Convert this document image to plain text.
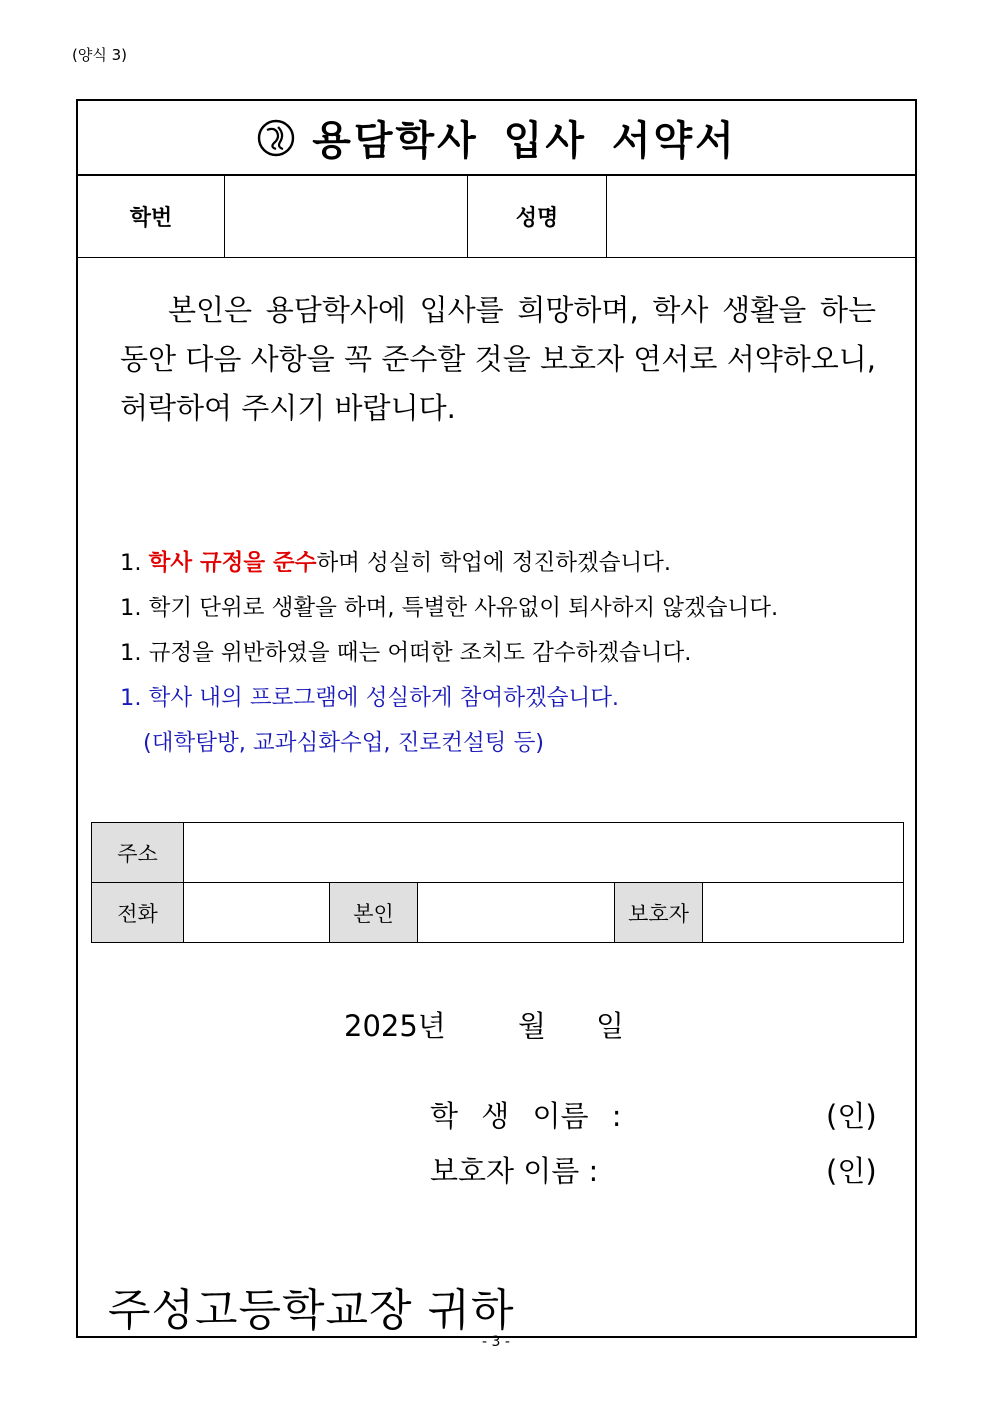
(양식 3)
용담학사 입사 서약서
학번	성명
본인은 용담학사에 입사를 희망하며, 학사 생활을 하는 동안 다음 사항을 꼭 준수할 것을 보호자 연서로 서약하오니, 허락하여 주시기 바랍니다.
1. 학사 규정을 준수하며 성실히 학업에 정진하겠습니다.
1. 학기 단위로 생활을 하며, 특별한 사유없이 퇴사하지 않겠습니다.
1. 규정을 위반하였을 때는 어떠한 조치도 감수하겠습니다.
1. 학사 내의 프로그램에 성실하게 참여하겠습니다.
(대학탐방, 교과심화수업, 진로컨설팅 등)
주소
전화	본인	보호자
2025년 월 일
학 생 이름 :	(인)
보호자 이름 :	(인)
주성고등학교장 귀하
- 3 -
